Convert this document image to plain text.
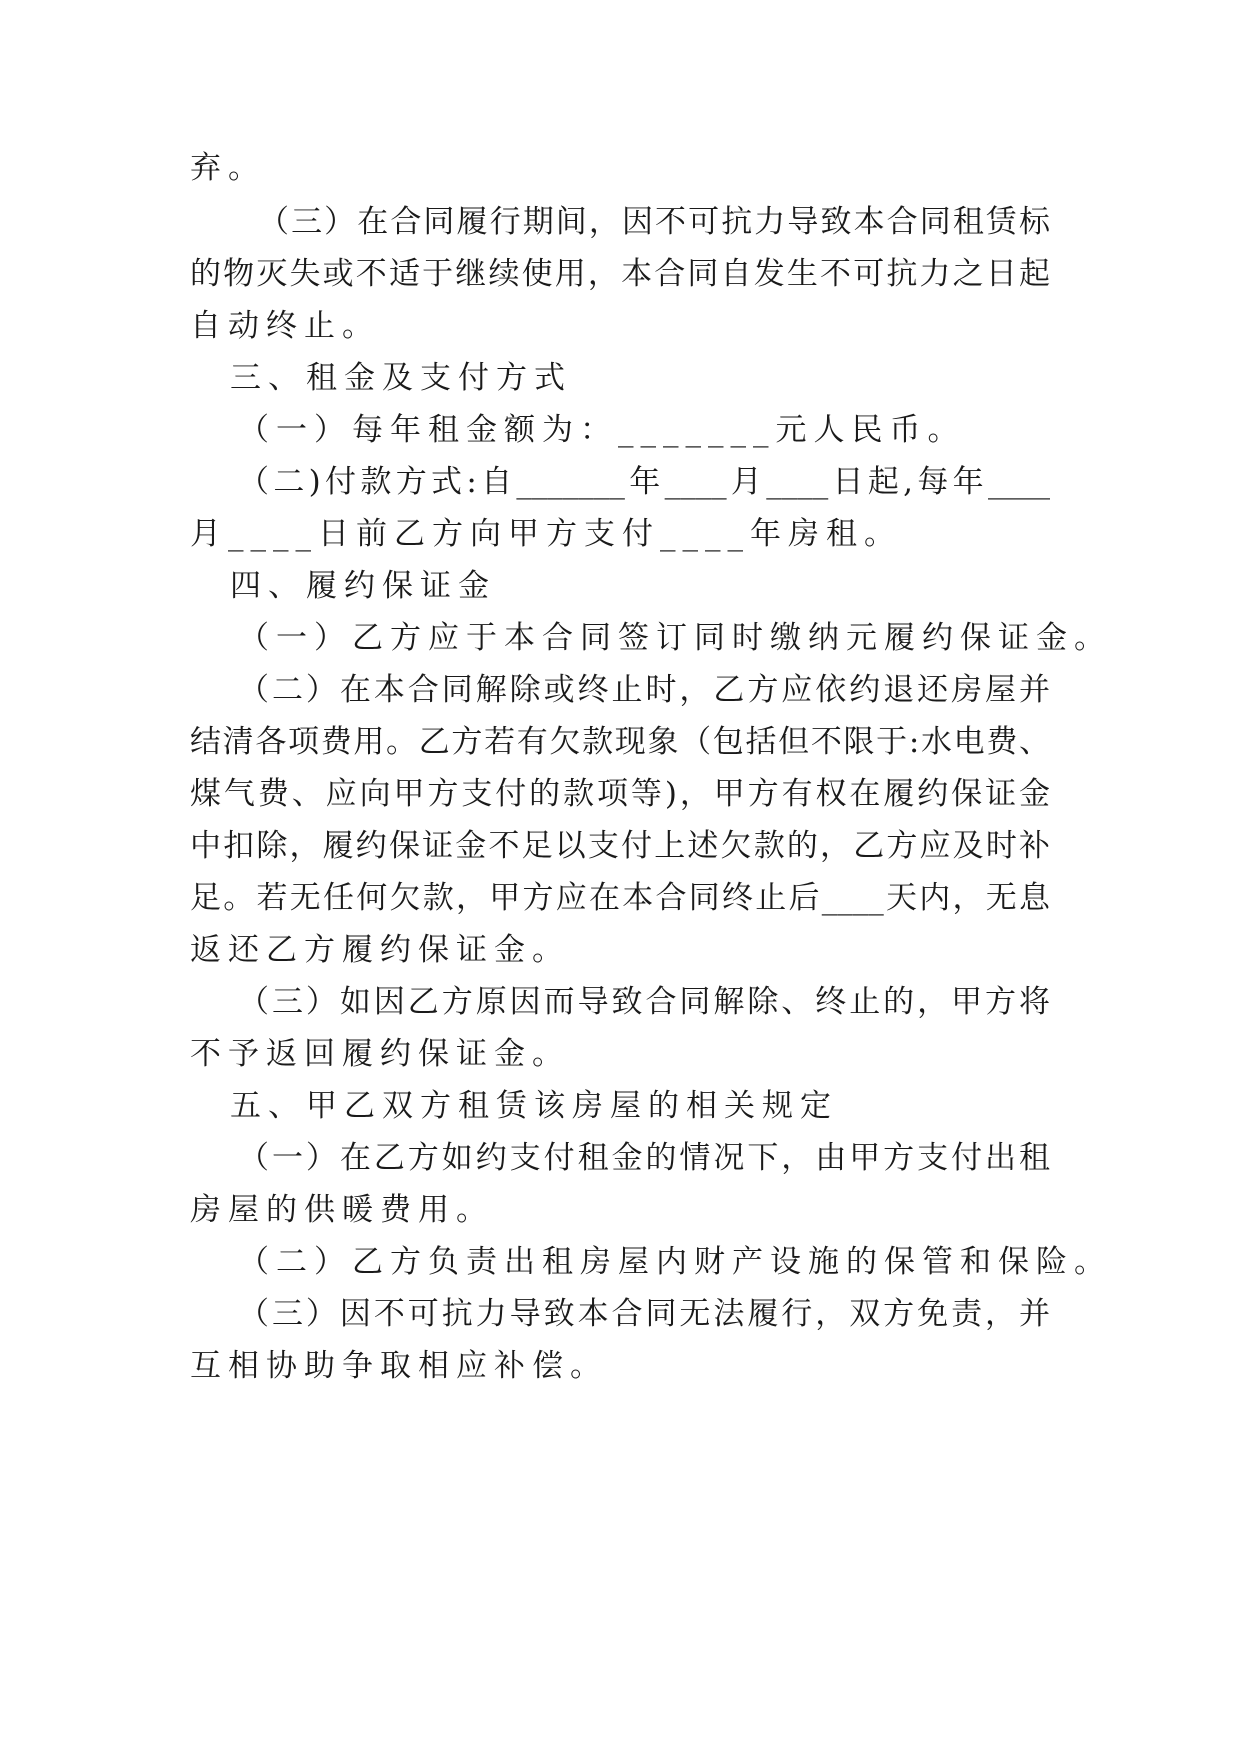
弃。
（三）在合同履行期间，因不可抗力导致本合同租赁标
的物灭失或不适于继续使用，本合同自发生不可抗力之日起
自动终止。
三、租金及支付方式
（一）每年租金额为：_______元人民币。
（二)付款方式:自_______年____月____日起,每年____
月____日前乙方向甲方支付____年房租。
四、履约保证金
（一）乙方应于本合同签订同时缴纳元履约保证金。
（二）在本合同解除或终止时，乙方应依约退还房屋并
结清各项费用。乙方若有欠款现象（包括但不限于:水电费、
煤气费、应向甲方支付的款项等)，甲方有权在履约保证金
中扣除，履约保证金不足以支付上述欠款的，乙方应及时补
足。若无任何欠款，甲方应在本合同终止后____天内，无息
返还乙方履约保证金。
（三）如因乙方原因而导致合同解除、终止的，甲方将
不予返回履约保证金。
五、甲乙双方租赁该房屋的相关规定
（一）在乙方如约支付租金的情况下，由甲方支付出租
房屋的供暖费用。
（二）乙方负责出租房屋内财产设施的保管和保险。
（三）因不可抗力导致本合同无法履行，双方免责，并
互相协助争取相应补偿。
